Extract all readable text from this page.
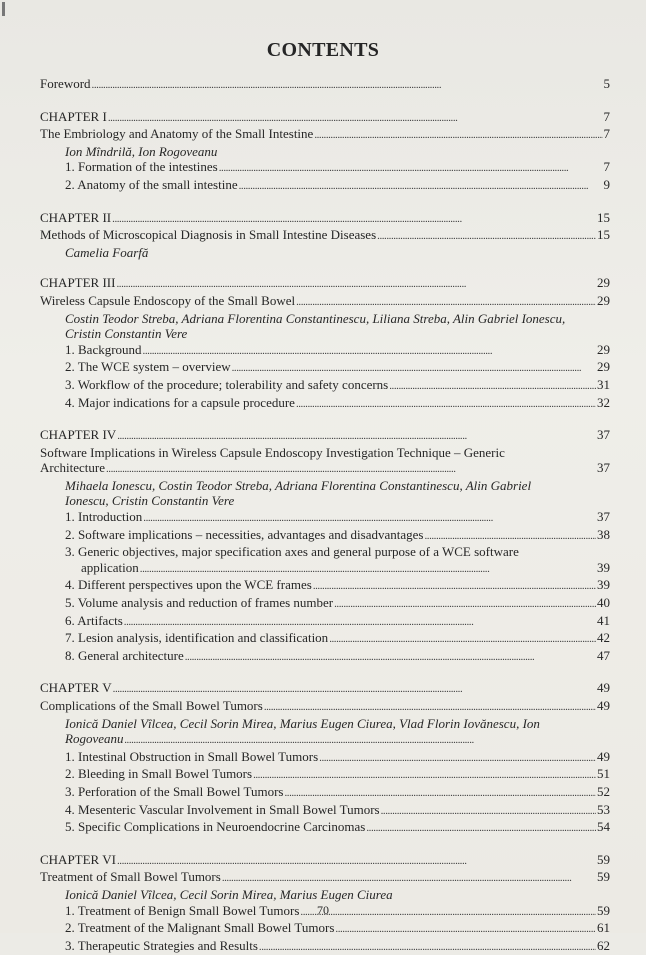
CONTENTS
Foreword . . .	5
CHAPTER I . . .	7
The Embriology and Anatomy of the Small Intestine . . .	7
Ion Mîndrilă, Ion Rogoveanu
1. Formation of the intestines . . .	7
2. Anatomy of the small intestine . . .	9
CHAPTER II . . .	15
Methods of Microscopical Diagnosis in Small Intestine Diseases . . .	15
Camelia Foarfă
CHAPTER III . . .	29
Wireless Capsule Endoscopy of the Small Bowel . . .	29
Costin Teodor Streba, Adriana Florentina Constantinescu, Liliana Streba, Alin Gabriel Ionescu,
Cristin Constantin Vere
1. Background . . .	29
2. The WCE system – overview . . .	29
3. Workflow of the procedure; tolerability and safety concerns . . .	31
4. Major indications for a capsule procedure . . .	32
CHAPTER IV . . .	37
Software Implications in Wireless Capsule Endoscopy Investigation Technique – Generic
Architecture . . .	37
Mihaela Ionescu, Costin Teodor Streba, Adriana Florentina Constantinescu, Alin Gabriel
Ionescu, Cristin Constantin Vere
1. Introduction . . .	37
2. Software implications – necessities, advantages and disadvantages . . .	38
3. Generic objectives, major specification axes and general purpose of a WCE software
application . . .	39
4. Different perspectives upon the WCE frames . . .	39
5. Volume analysis and reduction of frames number . . .	40
6. Artifacts . . .	41
7. Lesion analysis, identification and classification . . .	42
8. General architecture . . .	47
CHAPTER V . . .	49
Complications of the Small Bowel Tumors . . .	49
Ionică Daniel Vîlcea, Cecil Sorin Mirea, Marius Eugen Ciurea, Vlad Florin Iovănescu, Ion
Rogoveanu
. . .
1. Intestinal Obstruction in Small Bowel Tumors . . .	49
2. Bleeding in Small Bowel Tumors . . .	51
3. Perforation of the Small Bowel Tumors . . .	52
4. Mesenteric Vascular Involvement in Small Bowel Tumors . . .	53
5. Specific Complications in Neuroendocrine Carcinomas . . .	54
CHAPTER VI . . .	59
Treatment of Small Bowel Tumors . . .	59
Ionică Daniel Vîlcea, Cecil Sorin Mirea, Marius Eugen Ciurea
1. Treatment of Benign Small Bowel Tumors . . .	59
2. Treatment of the Malignant Small Bowel Tumors . . .	61
3. Therapeutic Strategies and Results . . .	62
70
